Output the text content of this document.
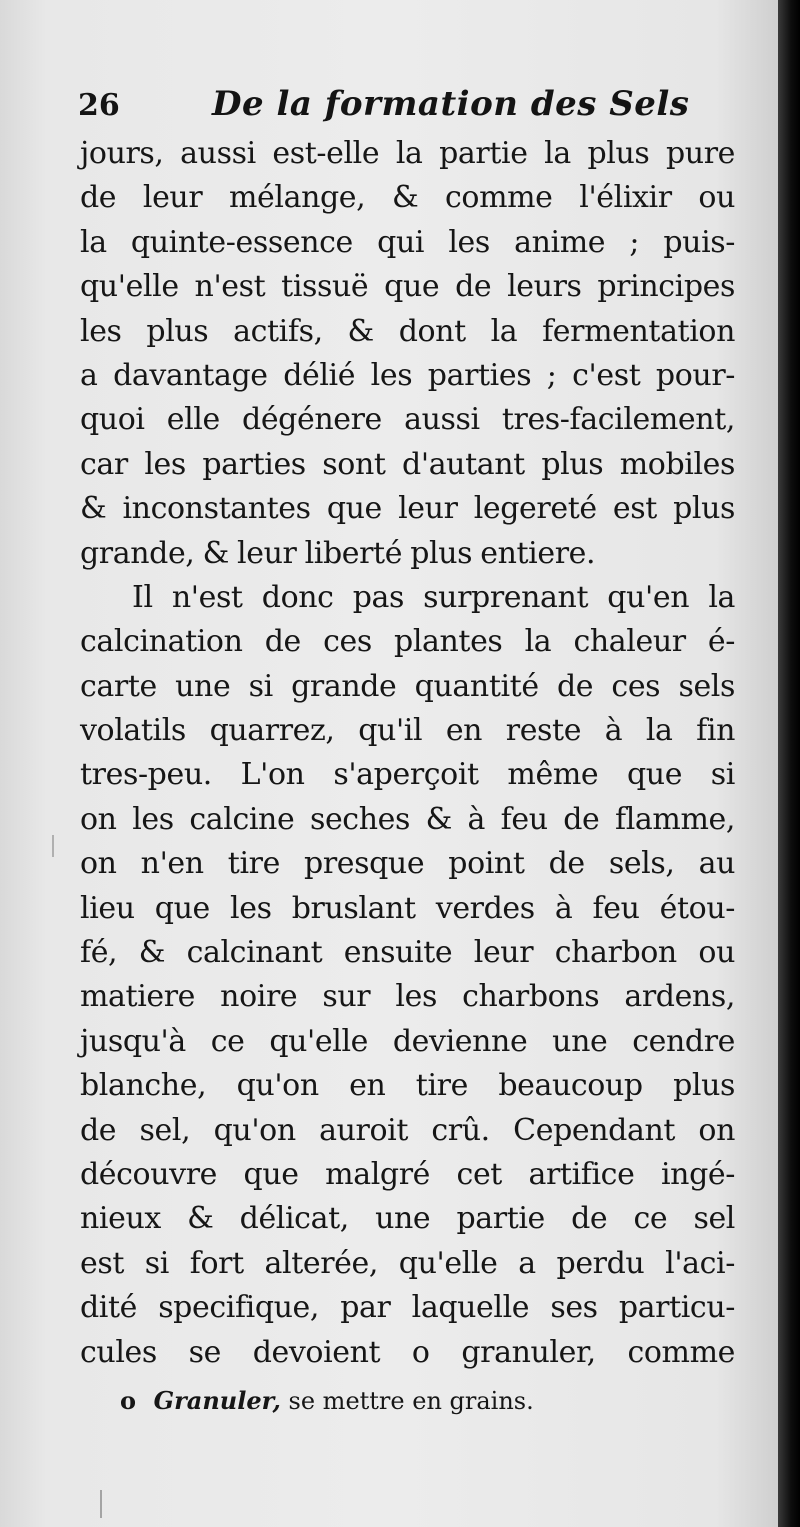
26	De la formation des Sels
jours, aussi est-elle la partie la plus pure
de leur mélange, & comme l'élixir ou
la quinte-essence qui les anime ; puis-
qu'elle n'est tissuë que de leurs principes
les plus actifs, & dont la fermentation
a davantage délié les parties ; c'est pour-
quoi elle dégénere aussi tres-facilement,
car les parties sont d'autant plus mobiles
& inconstantes que leur legereté est plus
grande, & leur liberté plus entiere.
Il n'est donc pas surprenant qu'en la
calcination de ces plantes la chaleur é-
carte une si grande quantité de ces sels
volatils quarrez, qu'il en reste à la fin
tres-peu. L'on s'aperçoit même que si
on les calcine seches & à feu de flamme,
on n'en tire presque point de sels, au
lieu que les bruslant verdes à feu étou-
fé, & calcinant ensuite leur charbon ou
matiere noire sur les charbons ardens,
jusqu'à ce qu'elle devienne une cendre
blanche, qu'on en tire beaucoup plus
de sel, qu'on auroit crû. Cependant on
découvre que malgré cet artifice ingé-
nieux & délicat, une partie de ce sel
est si fort alterée, qu'elle a perdu l'aci-
dité specifique, par laquelle ses particu-
cules se devoient o granuler, comme
o Granuler, se mettre en grains.
